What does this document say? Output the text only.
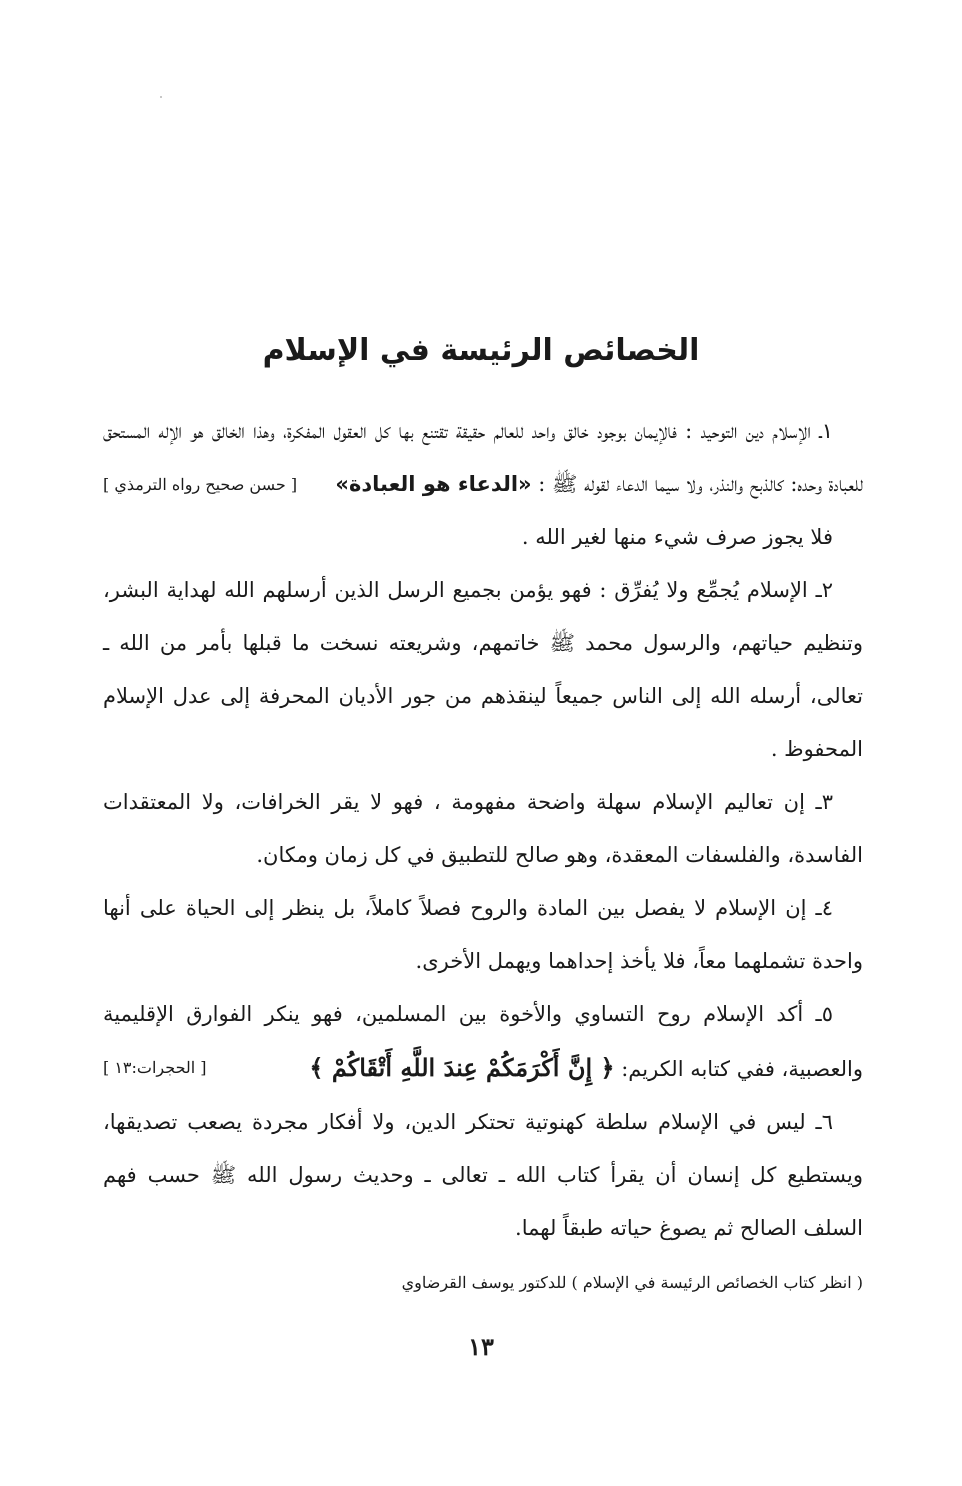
الخصائص الرئيسة في الإسلام

١ـ الإسلام دين التوحيد : فالإيمان بوجود خالق واحد للعالم حقيقة تقتنع بها كل العقول المفكرة، وهذا الخالق هو الإله المستحق للعبادة وحده: كالذبح والنذر، ولا سيما الدعاء لقوله ﷺ : «الدعاء هو العبادة»
[ حسن صحيح رواه الترمذي ]

فلا يجوز صرف شيء منها لغير الله .

٢ـ الإسلام يُجمِّع ولا يُفرِّق : فهو يؤمن بجميع الرسل الذين أرسلهم الله لهداية البشر، وتنظيم حياتهم، والرسول محمد ﷺ خاتمهم، وشريعته نسخت ما قبلها بأمر من الله ـ تعالى، أرسله الله إلى الناس جميعاً لينقذهم من جور الأديان المحرفة إلى عدل الإسلام المحفوظ .

٣ـ إن تعاليم الإسلام سهلة واضحة مفهومة ، فهو لا يقر الخرافات، ولا المعتقدات الفاسدة، والفلسفات المعقدة، وهو صالح للتطبيق في كل زمان ومكان.

٤ـ إن الإسلام لا يفصل بين المادة والروح فصلاً كاملاً، بل ينظر إلى الحياة على أنها واحدة تشملهما معاً، فلا يأخذ إحداهما ويهمل الأخرى.

٥ـ أكد الإسلام روح التساوي والأخوة بين المسلمين، فهو ينكر الفوارق الإقليمية والعصبية، ففي كتابه الكريم: ﴿ إِنَّ أَكْرَمَكُمْ عِندَ اللَّهِ أَتْقَاكُمْ ﴾
[ الحجرات:١٣ ]

٦ـ ليس في الإسلام سلطة كهنوتية تحتكر الدين، ولا أفكار مجردة يصعب تصديقها، ويستطيع كل إنسان أن يقرأ كتاب الله ـ تعالى ـ وحديث رسول الله ﷺ حسب فهم السلف الصالح ثم يصوغ حياته طبقاً لهما.

( انظر كتاب الخصائص الرئيسة في الإسلام ) للدكتور يوسف القرضاوي
١٣
